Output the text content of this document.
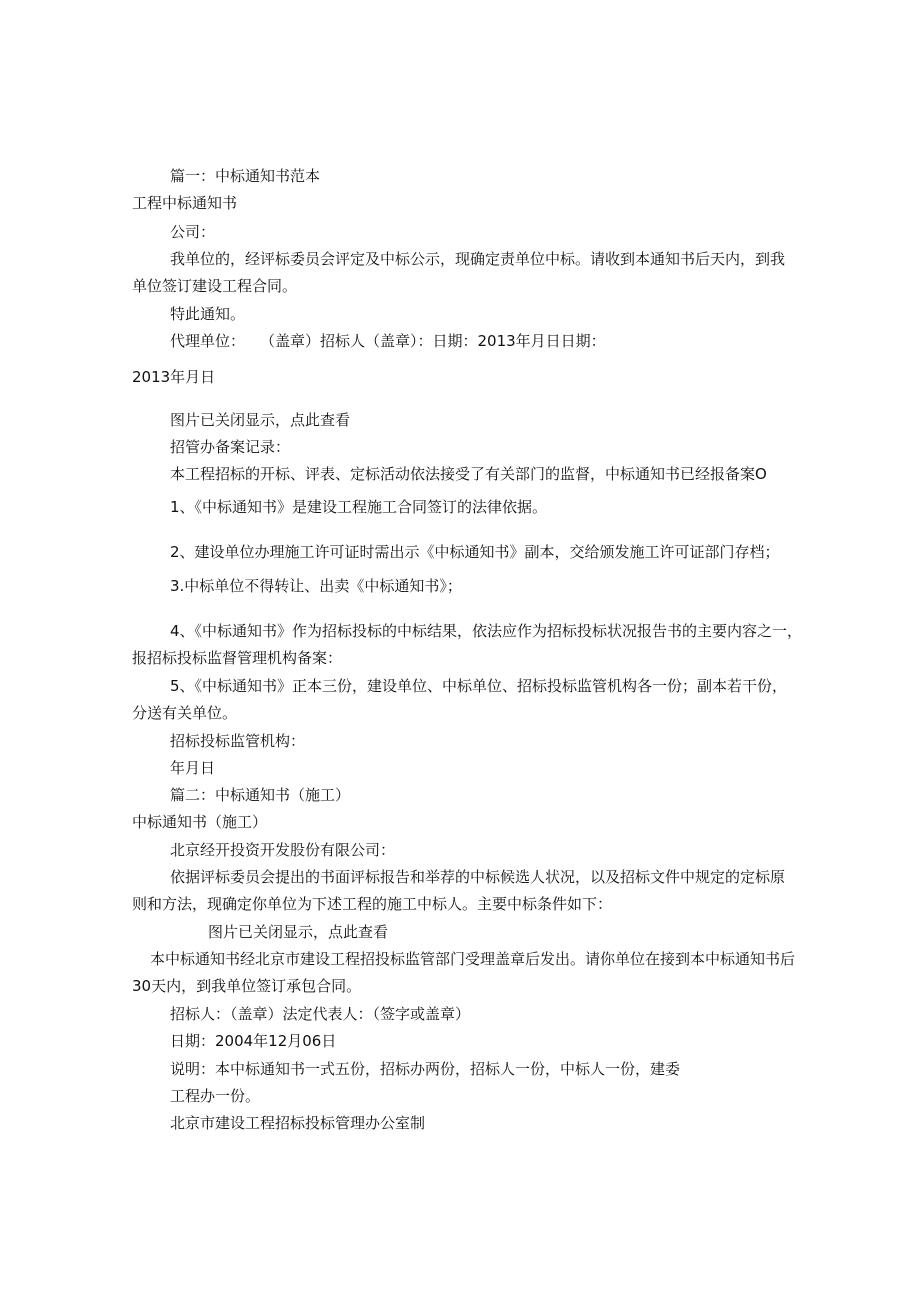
篇一：中标通知书范本

工程中标通知书

公司：

我单位的，经评标委员会评定及中标公示，现确定责单位中标。请收到本通知书后天内，到我

单位签订建设工程合同。

特此通知。

代理单位：　　（盖章）招标人（盖章）：日期：2013年月日日期：

2013年月日

图片已关闭显示，点此查看

招管办备案记录：

本工程招标的开标、评表、定标活动依法接受了有关部门的监督，中标通知书已经报备案O

1、《中标通知书》是建设工程施工合同签订的法律依据。

2、建设单位办理施工许可证时需出示《中标通知书》副本，交给颁发施工许可证部门存档；

3.中标单位不得转让、出卖《中标通知书》；

4、《中标通知书》作为招标投标的中标结果，依法应作为招标投标状况报告书的主要内容之一，

报招标投标监督管理机构备案：

5、《中标通知书》正本三份，建设单位、中标单位、招标投标监管机构各一份；副本若干份，

分送有关单位。

招标投标监管机构：

年月日

篇二：中标通知书（施工）

中标通知书（施工）

北京经开投资开发股份有限公司：

依据评标委员会提出的书面评标报告和举荐的中标候选人状况，以及招标文件中规定的定标原

则和方法，现确定你单位为下述工程的施工中标人。主要中标条件如下：

图片已关闭显示，点此查看

本中标通知书经北京市建设工程招投标监管部门受理盖章后发出。请你单位在接到本中标通知书后

30天内，到我单位签订承包合同。

招标人：（盖章）法定代表人：（签字或盖章）

日期：2004年12月06日

说明：本中标通知书一式五份，招标办两份，招标人一份，中标人一份，建委

工程办一份。

北京市建设工程招标投标管理办公室制
